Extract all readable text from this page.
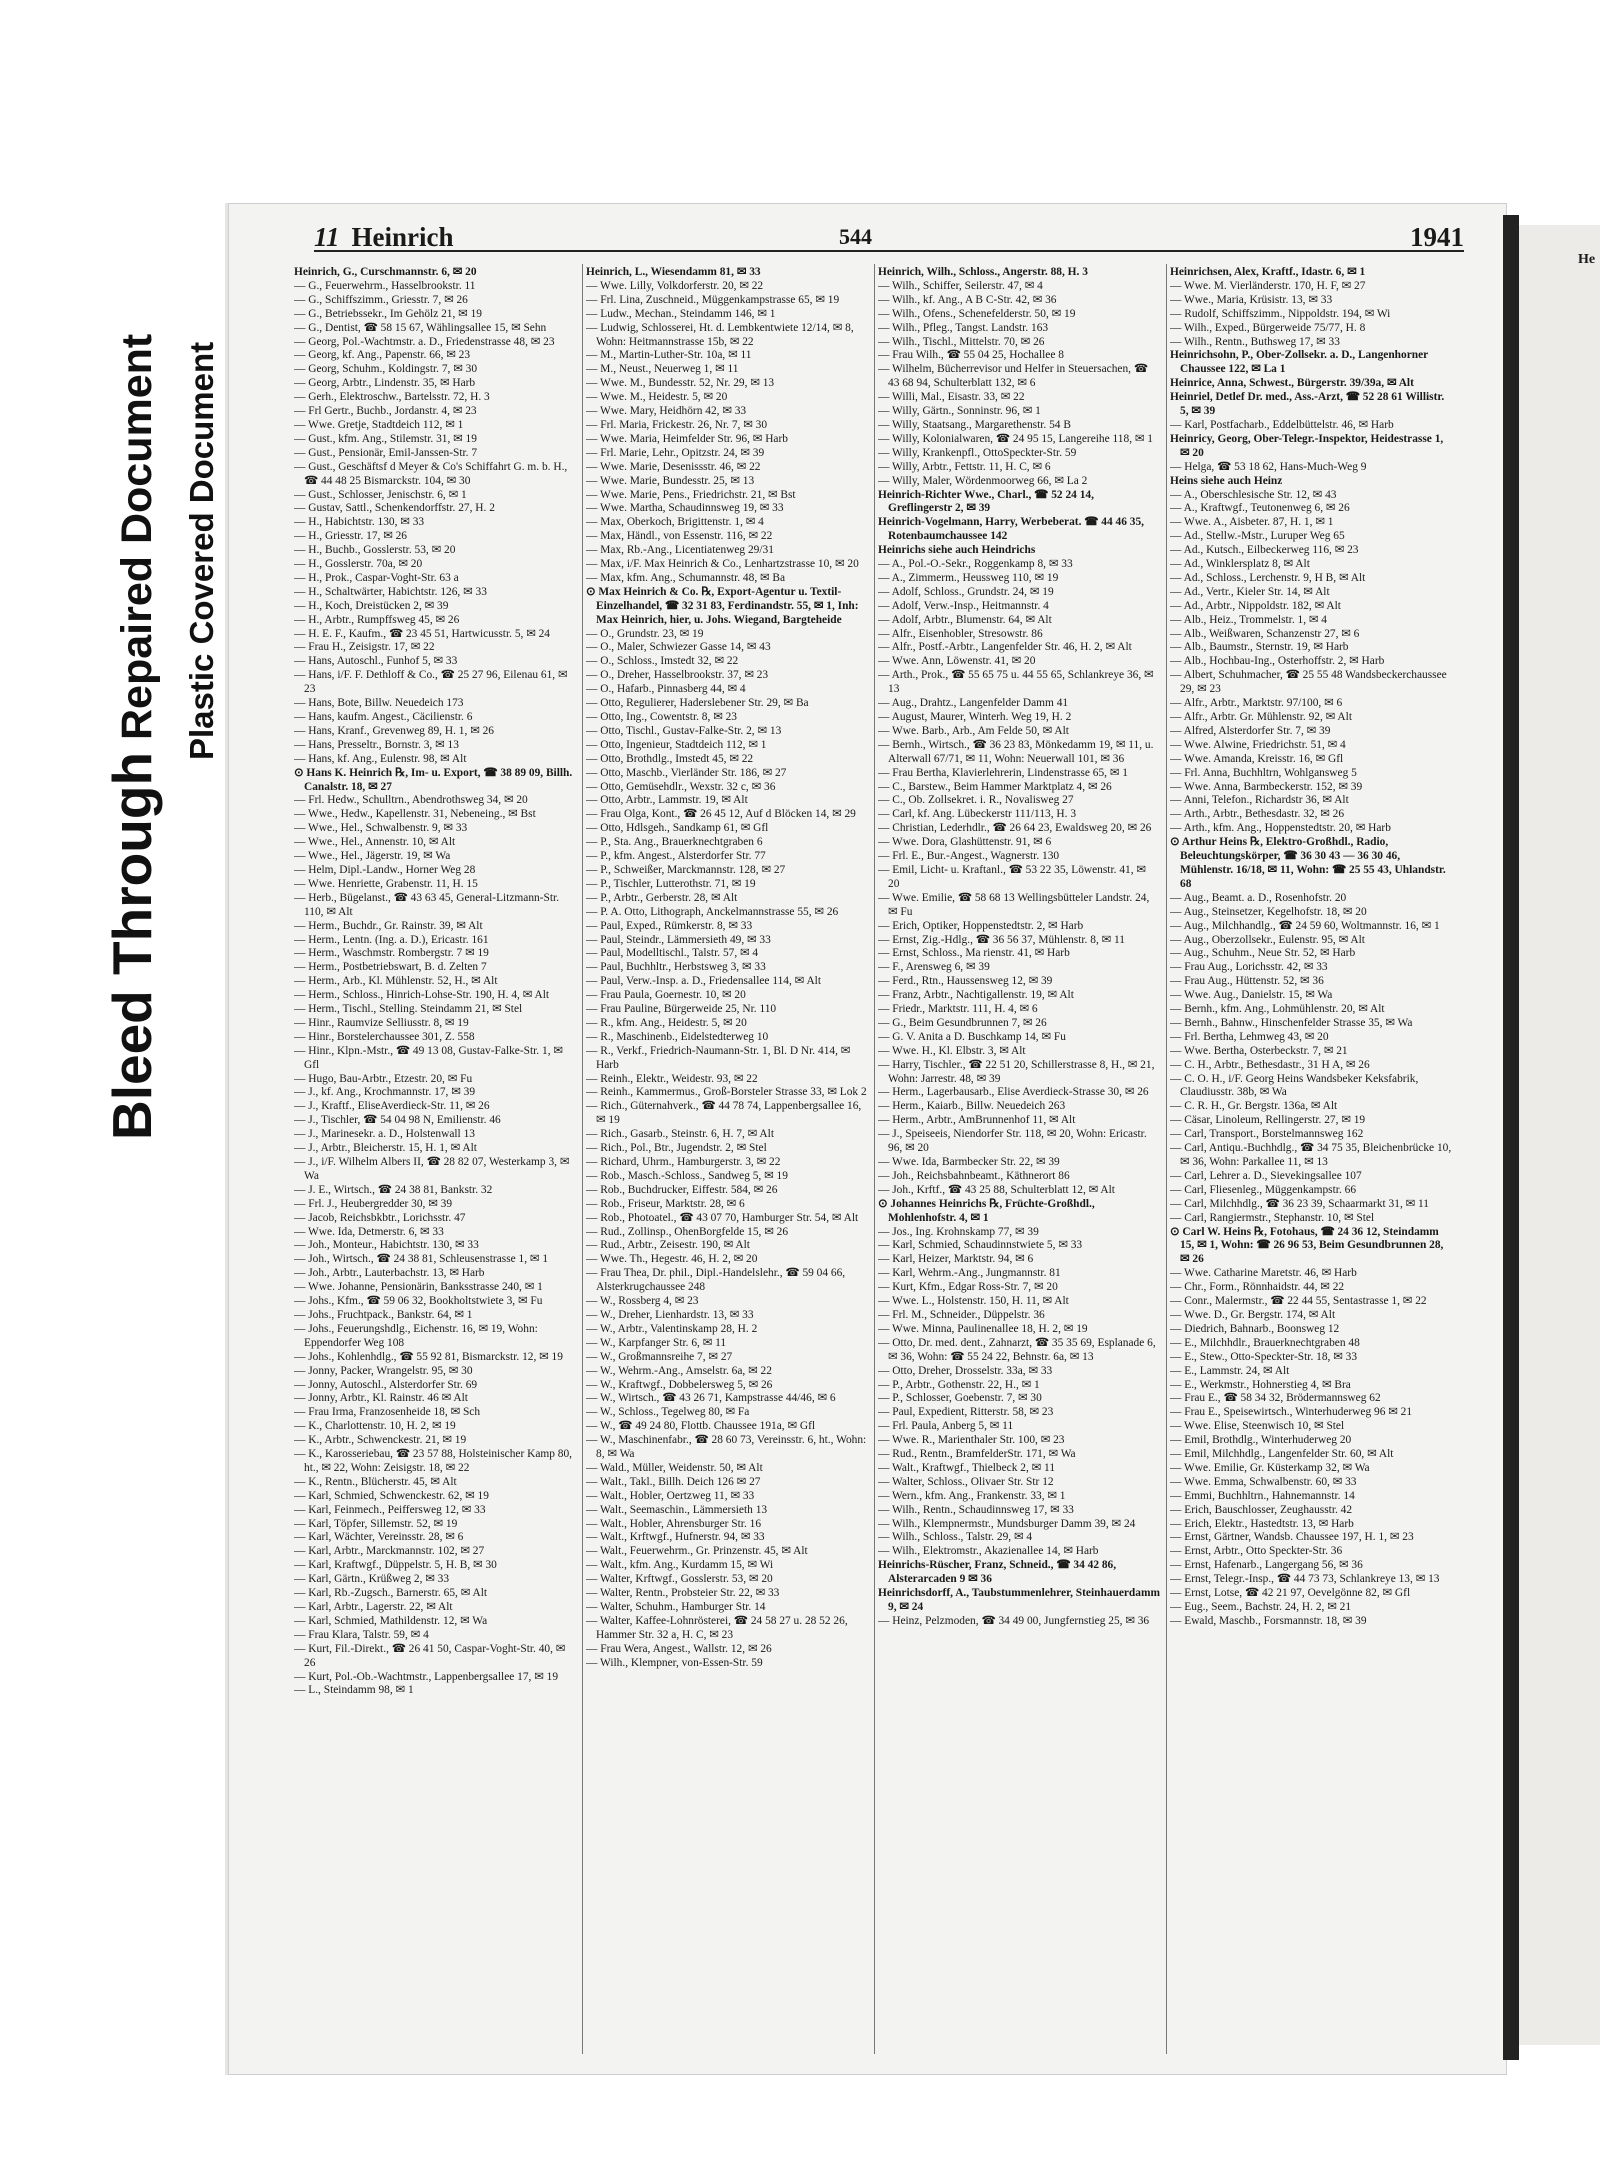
Bleed Through Repaired Document Plastic Covered Document
11 Heinrich	544	1941

Heinrich, G., Curschmannstr. 6, ✉ 20

— G., Feuerwehrm., Hasselbrookstr. 11

— G., Schiffszimm., Griesstr. 7, ✉ 26

— G., Betriebssekr., Im Gehölz 21, ✉ 19

— G., Dentist, ☎ 58 15 67, Wählingsallee 15, ✉ Sehn

— Georg, Pol.-Wachtmstr. a. D., Friedenstrasse 48, ✉ 23

— Georg, kf. Ang., Papenstr. 66, ✉ 23

— Georg, Schuhm., Koldingstr. 7, ✉ 30

— Georg, Arbtr., Lindenstr. 35, ✉ Harb

— Gerh., Elektroschw., Bartelsstr. 72, H. 3

— Frl Gertr., Buchb., Jordanstr. 4, ✉ 23

— Wwe. Gretje, Stadtdeich 112, ✉ 1

— Gust., kfm. Ang., Stilemstr. 31, ✉ 19

— Gust., Pensionär, Emil-Janssen-Str. 7

— Gust., Geschäftsf d Meyer & Co's Schiffahrt G. m. b. H., ☎ 44 48 25 Bismarckstr. 104, ✉ 30

— Gust., Schlosser, Jenischstr. 6, ✉ 1

— Gustav, Sattl., Schenkendorffstr. 27, H. 2

— H., Habichtstr. 130, ✉ 33

— H., Griesstr. 17, ✉ 26

— H., Buchb., Gosslerstr. 53, ✉ 20

— H., Gosslerstr. 70a, ✉ 20

— H., Prok., Caspar-Voght-Str. 63 a

— H., Schaltwärter, Habichtstr. 126, ✉ 33

— H., Koch, Dreistücken 2, ✉ 39

— H., Arbtr., Rumpffsweg 45, ✉ 26

— H. E. F., Kaufm., ☎ 23 45 51, Hartwicusstr. 5, ✉ 24

— Frau H., Zeisigstr. 17, ✉ 22

— Hans, Autoschl., Funhof 5, ✉ 33

— Hans, i/F. F. Dethloff & Co., ☎ 25 27 96, Eilenau 61, ✉ 23

— Hans, Bote, Billw. Neuedeich 173

— Hans, kaufm. Angest., Cäcilienstr. 6

— Hans, Kranf., Grevenweg 89, H. 1, ✉ 26

— Hans, Presseltr., Bornstr. 3, ✉ 13

— Hans, kf. Ang., Eulenstr. 98, ✉ Alt

⊙ Hans K. Heinrich ℞, Im- u. Export, ☎ 38 89 09, Billh. Canalstr. 18, ✉ 27

— Frl. Hedw., Schulltrn., Abendrothsweg 34, ✉ 20

— Wwe., Hedw., Kapellenstr. 31, Nebeneing., ✉ Bst

— Wwe., Hel., Schwalbenstr. 9, ✉ 33

— Wwe., Hel., Annenstr. 10, ✉ Alt

— Wwe., Hel., Jägerstr. 19, ✉ Wa

— Helm, Dipl.-Landw., Horner Weg 28

— Wwe. Henriette, Grabenstr. 11, H. 15

— Herb., Bügelanst., ☎ 43 63 45, General-Litzmann-Str. 110, ✉ Alt

— Herm., Buchdr., Gr. Rainstr. 39, ✉ Alt

— Herm., Lentn. (Ing. a. D.), Ericastr. 161

— Herm., Waschmstr. Rombergstr. 7 ✉ 19

— Herm., Postbetriebswart, B. d. Zelten 7

— Herm., Arb., Kl. Mühlenstr. 52, H., ✉ Alt

— Herm., Schloss., Hinrich-Lohse-Str. 190, H. 4, ✉ Alt

— Herm., Tischl., Stelling. Steindamm 21, ✉ Stel

— Hinr., Raumvize Selliusstr. 8, ✉ 19

— Hinr., Borstelerchaussee 301, Z. 558

— Hinr., Klpn.-Mstr., ☎ 49 13 08, Gustav-Falke-Str. 1, ✉ Gfl

— Hugo, Bau-Arbtr., Etzestr. 20, ✉ Fu

— J., kf. Ang., Krochmannstr. 17, ✉ 39

— J., Kraftf., EliseAverdieck-Str. 11, ✉ 26

— J., Tischler, ☎ 54 04 98 N, Emilienstr. 46

— J., Marinesekr. a. D., Holstenwall 13

— J., Arbtr., Bleicherstr. 15, H. 1, ✉ Alt

— J., i/F. Wilhelm Albers II, ☎ 28 82 07, Westerkamp 3, ✉ Wa

— J. E., Wirtsch., ☎ 24 38 81, Bankstr. 32

— Frl. J., Heubergredder 30, ✉ 39

— Jacob, Reichsbkbtr., Lorichsstr. 47

— Wwe. Ida, Detmerstr. 6, ✉ 33

— Joh., Monteur., Habichtstr. 130, ✉ 33

— Joh., Wirtsch., ☎ 24 38 81, Schleusenstrasse 1, ✉ 1

— Joh., Arbtr., Lauterbachstr. 13, ✉ Harb

— Wwe. Johanne, Pensionärin, Banksstrasse 240, ✉ 1

— Johs., Kfm., ☎ 59 06 32, Bookholtstwiete 3, ✉ Fu

— Johs., Fruchtpack., Bankstr. 64, ✉ 1

— Johs., Feuerungshdlg., Eichenstr. 16, ✉ 19, Wohn: Eppendorfer Weg 108

— Johs., Kohlenhdlg., ☎ 55 92 81, Bismarckstr. 12, ✉ 19

— Jonny, Packer, Wrangelstr. 95, ✉ 30

— Jonny, Autoschl., Alsterdorfer Str. 69

— Jonny, Arbtr., Kl. Rainstr. 46 ✉ Alt

— Frau Irma, Franzosenheide 18, ✉ Sch

— K., Charlottenstr. 10, H. 2, ✉ 19

— K., Arbtr., Schwenckestr. 21, ✉ 19

— K., Karosseriebau, ☎ 23 57 88, Holsteinischer Kamp 80, ht., ✉ 22, Wohn: Zeisigstr. 18, ✉ 22

— K., Rentn., Blücherstr. 45, ✉ Alt

— Karl, Schmied, Schwenckestr. 62, ✉ 19

— Karl, Feinmech., Peiffersweg 12, ✉ 33

— Karl, Töpfer, Sillemstr. 52, ✉ 19

— Karl, Wächter, Vereinsstr. 28, ✉ 6

— Karl, Arbtr., Marckmannstr. 102, ✉ 27

— Karl, Kraftwgf., Düppelstr. 5, H. B, ✉ 30

— Karl, Gärtn., Krüßweg 2, ✉ 33

— Karl, Rb.-Zugsch., Barnerstr. 65, ✉ Alt

— Karl, Arbtr., Lagerstr. 22, ✉ Alt

— Karl, Schmied, Mathildenstr. 12, ✉ Wa

— Frau Klara, Talstr. 59, ✉ 4

— Kurt, Fil.-Direkt., ☎ 26 41 50, Caspar-Voght-Str. 40, ✉ 26

— Kurt, Pol.-Ob.-Wachtmstr., Lappenbergsallee 17, ✉ 19

— L., Steindamm 98, ✉ 1

Heinrich, L., Wiesendamm 81, ✉ 33

— Wwe. Lilly, Volkdorferstr. 20, ✉ 22

— Frl. Lina, Zuschneid., Müggenkampstrasse 65, ✉ 19

— Ludw., Mechan., Steindamm 146, ✉ 1

— Ludwig, Schlosserei, Ht. d. Lembkentwiete 12/14, ✉ 8, Wohn: Heitmannstrasse 15b, ✉ 22

— M., Martin-Luther-Str. 10a, ✉ 11

— M., Neust., Neuerweg 1, ✉ 11

— Wwe. M., Bundesstr. 52, Nr. 29, ✉ 13

— Wwe. M., Heidestr. 5, ✉ 20

— Wwe. Mary, Heidhörn 42, ✉ 33

— Frl. Maria, Frickestr. 26, Nr. 7, ✉ 30

— Wwe. Maria, Heimfelder Str. 96, ✉ Harb

— Frl. Marie, Lehr., Opitzstr. 24, ✉ 39

— Wwe. Marie, Desenissstr. 46, ✉ 22

— Wwe. Marie, Bundesstr. 25, ✉ 13

— Wwe. Marie, Pens., Friedrichstr. 21, ✉ Bst

— Wwe. Martha, Schaudinnsweg 19, ✉ 33

— Max, Oberkoch, Brigittenstr. 1, ✉ 4

— Max, Händl., von Essenstr. 116, ✉ 22

— Max, Rb.-Ang., Licentiatenweg 29/31

— Max, i/F. Max Heinrich & Co., Lenhartzstrasse 10, ✉ 20

— Max, kfm. Ang., Schumannstr. 48, ✉ Ba

⊙ Max Heinrich & Co. ℞, Export-Agentur u. Textil-Einzelhandel, ☎ 32 31 83, Ferdinandstr. 55, ✉ 1, Inh: Max Heinrich, hier, u. Johs. Wiegand, Bargteheide

— O., Grundstr. 23, ✉ 19

— O., Maler, Schwiezer Gasse 14, ✉ 43

— O., Schloss., Imstedt 32, ✉ 22

— O., Dreher, Hasselbrookstr. 37, ✉ 23

— O., Hafarb., Pinnasberg 44, ✉ 4

— Otto, Regulierer, Haderslebener Str. 29, ✉ Ba

— Otto, Ing., Cowentstr. 8, ✉ 23

— Otto, Tischl., Gustav-Falke-Str. 2, ✉ 13

— Otto, Ingenieur, Stadtdeich 112, ✉ 1

— Otto, Brothdlg., Imstedt 45, ✉ 22

— Otto, Maschb., Vierländer Str. 186, ✉ 27

— Otto, Gemüsehdlr., Wexstr. 32 c, ✉ 36

— Otto, Arbtr., Lammstr. 19, ✉ Alt

— Frau Olga, Kont., ☎ 26 45 12, Auf d Blöcken 14, ✉ 29

— Otto, Hdlsgeh., Sandkamp 61, ✉ Gfl

— P., Sta. Ang., Brauerknechtgraben 6

— P., kfm. Angest., Alsterdorfer Str. 77

— P., Schweißer, Marckmannstr. 128, ✉ 27

— P., Tischler, Lutterothstr. 71, ✉ 19

— P., Arbtr., Gerberstr. 28, ✉ Alt

— P. A. Otto, Lithograph, Anckelmannstrasse 55, ✉ 26

— Paul, Exped., Rümkerstr. 8, ✉ 33

— Paul, Steindr., Lämmersieth 49, ✉ 33

— Paul, Modelltischl., Talstr. 57, ✉ 4

— Paul, Buchhltr., Herbstsweg 3, ✉ 33

— Paul, Verw.-Insp. a. D., Friedensallee 114, ✉ Alt

— Frau Paula, Goernestr. 10, ✉ 20

— Frau Pauline, Bürgerweide 25, Nr. 110

— R., kfm. Ang., Heidestr. 5, ✉ 20

— R., Maschinenb., Eidelstedterweg 10

— R., Verkf., Friedrich-Naumann-Str. 1, Bl. D Nr. 414, ✉ Harb

— Reinh., Elektr., Weidestr. 93, ✉ 22

— Reinh., Kammermus., Groß-Borsteler Strasse 33, ✉ Lok 2

— Rich., Güternahverk., ☎ 44 78 74, Lappenbergsallee 16, ✉ 19

— Rich., Gasarb., Steinstr. 6, H. 7, ✉ Alt

— Rich., Pol., Btr., Jugendstr. 2, ✉ Stel

— Richard, Uhrm., Hamburgerstr. 3, ✉ 22

— Rob., Masch.-Schloss., Sandweg 5, ✉ 19

— Rob., Buchdrucker, Eiffestr. 584, ✉ 26

— Rob., Friseur, Marktstr. 28, ✉ 6

— Rob., Photoatel., ☎ 43 07 70, Hamburger Str. 54, ✉ Alt

— Rud., Zollinsp., OhenBorgfelde 15, ✉ 26

— Rud., Arbtr., Zeisestr. 190, ✉ Alt

— Wwe. Th., Hegestr. 46, H. 2, ✉ 20

— Frau Thea, Dr. phil., Dipl.-Handelslehr., ☎ 59 04 66, Alsterkrugchaussee 248

— W., Rossberg 4, ✉ 23

— W., Dreher, Lienhardstr. 13, ✉ 33

— W., Arbtr., Valentinskamp 28, H. 2

— W., Karpfanger Str. 6, ✉ 11

— W., Großmannsreihe 7, ✉ 27

— W., Wehrm.-Ang., Amselstr. 6a, ✉ 22

— W., Kraftwgf., Dobbelersweg 5, ✉ 26

— W., Wirtsch., ☎ 43 26 71, Kampstrasse 44/46, ✉ 6

— W., Schloss., Tegelweg 80, ✉ Fa

— W., ☎ 49 24 80, Flottb. Chaussee 191a, ✉ Gfl

— W., Maschinenfabr., ☎ 28 60 73, Vereinsstr. 6, ht., Wohn: 8, ✉ Wa

— Wald., Müller, Weidenstr. 50, ✉ Alt

— Walt., Takl., Billh. Deich 126 ✉ 27

— Walt., Hobler, Oertzweg 11, ✉ 33

— Walt., Seemaschin., Lämmersieth 13

— Walt., Hobler, Ahrensburger Str. 16

— Walt., Krftwgf., Hufnerstr. 94, ✉ 33

— Walt., Feuerwehrm., Gr. Prinzenstr. 45, ✉ Alt

— Walt., kfm. Ang., Kurdamm 15, ✉ Wi

— Walter, Krftwgf., Gosslerstr. 53, ✉ 20

— Walter, Rentn., Probsteier Str. 22, ✉ 33

— Walter, Schuhm., Hamburger Str. 14

— Walter, Kaffee-Lohnrösterei, ☎ 24 58 27 u. 28 52 26, Hammer Str. 32 a, H. C, ✉ 23

— Frau Wera, Angest., Wallstr. 12, ✉ 26

— Wilh., Klempner, von-Essen-Str. 59

Heinrich, Wilh., Schloss., Angerstr. 88, H. 3

— Wilh., Schiffer, Seilerstr. 47, ✉ 4

— Wilh., kf. Ang., A B C-Str. 42, ✉ 36

— Wilh., Ofens., Schenefelderstr. 50, ✉ 19

— Wilh., Pfleg., Tangst. Landstr. 163

— Wilh., Tischl., Mittelstr. 70, ✉ 26

— Frau Wilh., ☎ 55 04 25, Hochallee 8

— Wilhelm, Bücherrevisor und Helfer in Steuersachen, ☎ 43 68 94, Schulterblatt 132, ✉ 6

— Willi, Mal., Eisastr. 33, ✉ 22

— Willy, Gärtn., Sonninstr. 96, ✉ 1

— Willy, Staatsang., Margarethenstr. 54 B

— Willy, Kolonialwaren, ☎ 24 95 15, Langereihe 118, ✉ 1

— Willy, Krankenpfl., OttoSpeckter-Str. 59

— Willy, Arbtr., Fettstr. 11, H. C, ✉ 6

— Willy, Maler, Wördenmoorweg 66, ✉ La 2

Heinrich-Richter Wwe., Charl., ☎ 52 24 14, Greflingerstr 2, ✉ 39

Heinrich-Vogelmann, Harry, Werbeberat. ☎ 44 46 35, Rotenbaumchaussee 142

Heinrichs siehe auch Heindrichs

— A., Pol.-O.-Sekr., Roggenkamp 8, ✉ 33

— A., Zimmerm., Heussweg 110, ✉ 19

— Adolf, Schloss., Grundstr. 24, ✉ 19

— Adolf, Verw.-Insp., Heitmannstr. 4

— Adolf, Arbtr., Blumenstr. 64, ✉ Alt

— Alfr., Eisenhobler, Stresowstr. 86

— Alfr., Postf.-Arbtr., Langenfelder Str. 46, H. 2, ✉ Alt

— Wwe. Ann, Löwenstr. 41, ✉ 20

— Arth., Prok., ☎ 55 65 75 u. 44 55 65, Schlankreye 36, ✉ 13

— Aug., Drahtz., Langenfelder Damm 41

— August, Maurer, Winterh. Weg 19, H. 2

— Wwe. Barb., Arb., Am Felde 50, ✉ Alt

— Bernh., Wirtsch., ☎ 36 23 83, Mönkedamm 19, ✉ 11, u. Alterwall 67/71, ✉ 11, Wohn: Neuerwall 101, ✉ 36

— Frau Bertha, Klavierlehrerin, Lindenstrasse 65, ✉ 1

— C., Barstew., Beim Hammer Marktplatz 4, ✉ 26

— C., Ob. Zollsekret. i. R., Novalisweg 27

— Carl, kf. Ang. Lübeckerstr 111/113, H. 3

— Christian, Lederhdlr., ☎ 26 64 23, Ewaldsweg 20, ✉ 26

— Wwe. Dora, Glashüttenstr. 91, ✉ 6

— Frl. E., Bur.-Angest., Wagnerstr. 130

— Emil, Licht- u. Kraftanl., ☎ 53 22 35, Löwenstr. 41, ✉ 20

— Wwe. Emilie, ☎ 58 68 13 Wellingsbütteler Landstr. 24, ✉ Fu

— Erich, Optiker, Hoppenstedtstr. 2, ✉ Harb

— Ernst, Zig.-Hdlg., ☎ 36 56 37, Mühlenstr. 8, ✉ 11

— Ernst, Schloss., Ma rienstr. 41, ✉ Harb

— F., Arensweg 6, ✉ 39

— Ferd., Rtn., Haussensweg 12, ✉ 39

— Franz, Arbtr., Nachtigallenstr. 19, ✉ Alt

— Friedr., Marktstr. 111, H. 4, ✉ 6

— G., Beim Gesundbrunnen 7, ✉ 26

— G. V. Anita a D. Buschkamp 14, ✉ Fu

— Wwe. H., Kl. Elbstr. 3, ✉ Alt

— Harry, Tischler., ☎ 22 51 20, Schillerstrasse 8, H., ✉ 21, Wohn: Jarrestr. 48, ✉ 39

— Herm., Lagerbausarb., Elise Averdieck-Strasse 30, ✉ 26

— Herm., Kaiarb., Billw. Neuedeich 263

— Herm., Arbtr., AmBrunnenhof 11, ✉ Alt

— J., Speiseeis, Niendorfer Str. 118, ✉ 20, Wohn: Ericastr. 96, ✉ 20

— Wwe. Ida, Barmbecker Str. 22, ✉ 39

— Joh., Reichsbahnbeamt., Käthnerort 86

— Joh., Krftf., ☎ 43 25 88, Schulterblatt 12, ✉ Alt

⊙ Johannes Heinrichs ℞, Früchte-Großhdl., Mohlenhofstr. 4, ✉ 1

— Jos., Ing. Krohnskamp 77, ✉ 39

— Karl, Schmied, Schaudinnstwiete 5, ✉ 33

— Karl, Heizer, Marktstr. 94, ✉ 6

— Karl, Wehrm.-Ang., Jungmannstr. 81

— Kurt, Kfm., Edgar Ross-Str. 7, ✉ 20

— Wwe. L., Holstenstr. 150, H. 11, ✉ Alt

— Frl. M., Schneider., Düppelstr. 36

— Wwe. Minna, Paulinenallee 18, H. 2, ✉ 19

— Otto, Dr. med. dent., Zahnarzt, ☎ 35 35 69, Esplanade 6, ✉ 36, Wohn: ☎ 55 24 22, Behnstr. 6a, ✉ 13

— Otto, Dreher, Drosselstr. 33a, ✉ 33

— P., Arbtr., Gothenstr. 22, H., ✉ 1

— P., Schlosser, Goebenstr. 7, ✉ 30

— Paul, Expedient, Ritterstr. 58, ✉ 23

— Frl. Paula, Anberg 5, ✉ 11

— Wwe. R., Marienthaler Str. 100, ✉ 23

— Rud., Rentn., BramfelderStr. 171, ✉ Wa

— Walt., Kraftwgf., Thielbeck 2, ✉ 11

— Walter, Schloss., Olivaer Str. Str 12

— Wern., kfm. Ang., Frankenstr. 33, ✉ 1

— Wilh., Rentn., Schaudinnsweg 17, ✉ 33

— Wilh., Klempnermstr., Mundsburger Damm 39, ✉ 24

— Wilh., Schloss., Talstr. 29, ✉ 4

— Wilh., Elektromstr., Akazienallee 14, ✉ Harb

Heinrichs-Rüscher, Franz, Schneid., ☎ 34 42 86, Alsterarcaden 9 ✉ 36

Heinrichsdorff, A., Taubstummenlehrer, Steinhauerdamm 9, ✉ 24

— Heinz, Pelzmoden, ☎ 34 49 00, Jungfernstieg 25, ✉ 36

Heinrichsen, Alex, Kraftf., Idastr. 6, ✉ 1

— Wwe. M. Vierländerstr. 170, H. F, ✉ 27

— Wwe., Maria, Krüsistr. 13, ✉ 33

— Rudolf, Schiffszimm., Nippoldstr. 194, ✉ Wi

— Wilh., Exped., Bürgerweide 75/77, H. 8

— Wilh., Rentn., Buthsweg 17, ✉ 33

Heinrichsohn, P., Ober-Zollsekr. a. D., Langenhorner Chaussee 122, ✉ La 1

Heinrice, Anna, Schwest., Bürgerstr. 39/39a, ✉ Alt

Heinriel, Detlef Dr. med., Ass.-Arzt, ☎ 52 28 61 Willistr. 5, ✉ 39

— Karl, Postfacharb., Eddelbüttelstr. 46, ✉ Harb

Heinricy, Georg, Ober-Telegr.-Inspektor, Heidestrasse 1, ✉ 20

— Helga, ☎ 53 18 62, Hans-Much-Weg 9

Heins siehe auch Heinz

— A., Oberschlesische Str. 12, ✉ 43

— A., Kraftwgf., Teutonenweg 6, ✉ 26

— Wwe. A., Aisbeter. 87, H. 1, ✉ 1

— Ad., Stellw.-Mstr., Luruper Weg 65

— Ad., Kutsch., Eilbeckerweg 116, ✉ 23

— Ad., Winklersplatz 8, ✉ Alt

— Ad., Schloss., Lerchenstr. 9, H B, ✉ Alt

— Ad., Vertr., Kieler Str. 14, ✉ Alt

— Ad., Arbtr., Nippoldstr. 182, ✉ Alt

— Alb., Heiz., Trommelstr. 1, ✉ 4

— Alb., Weißwaren, Schanzenstr 27, ✉ 6

— Alb., Baumstr., Sternstr. 19, ✉ Harb

— Alb., Hochbau-Ing., Osterhoffstr. 2, ✉ Harb

— Albert, Schuhmacher, ☎ 25 55 48 Wandsbeckerchaussee 29, ✉ 23

— Alfr., Arbtr., Marktstr. 97/100, ✉ 6

— Alfr., Arbtr. Gr. Mühlenstr. 92, ✉ Alt

— Alfred, Alsterdorfer Str. 7, ✉ 39

— Wwe. Alwine, Friedrichstr. 51, ✉ 4

— Wwe. Amanda, Kreisstr. 16, ✉ Gfl

— Frl. Anna, Buchhltrn, Wohlgansweg 5

— Wwe. Anna, Barmbeckerstr. 152, ✉ 39

— Anni, Telefon., Richardstr 36, ✉ Alt

— Arth., Arbtr., Bethesdastr. 32, ✉ 26

— Arth., kfm. Ang., Hoppenstedtstr. 20, ✉ Harb

⊙ Arthur Heins ℞, Elektro-Großhdl., Radio, Beleuchtungskörper, ☎ 36 30 43 — 36 30 46, Mühlenstr. 16/18, ✉ 11, Wohn: ☎ 25 55 43, Uhlandstr. 68

— Aug., Beamt. a. D., Rosenhofstr. 20

— Aug., Steinsetzer, Kegelhofstr. 18, ✉ 20

— Aug., Milchhandlg., ☎ 24 59 60, Woltmannstr. 16, ✉ 1

— Aug., Oberzollsekr., Eulenstr. 95, ✉ Alt

— Aug., Schuhm., Neue Str. 52, ✉ Harb

— Frau Aug., Lorichsstr. 42, ✉ 33

— Frau Aug., Hüttenstr. 52, ✉ 36

— Wwe. Aug., Danielstr. 15, ✉ Wa

— Bernh., kfm. Ang., Lohmühlenstr. 20, ✉ Alt

— Bernh., Bahnw., Hinschenfelder Strasse 35, ✉ Wa

— Frl. Bertha, Lehmweg 43, ✉ 20

— Wwe. Bertha, Osterbeckstr. 7, ✉ 21

— C. H., Arbtr., Bethesdastr., 31 H A, ✉ 26

— C. O. H., i/F. Georg Heins Wandsbeker Keksfabrik, Claudiusstr. 38b, ✉ Wa

— C. R. H., Gr. Bergstr. 136a, ✉ Alt

— Cäsar, Linoleum, Rellingerstr. 27, ✉ 19

— Carl, Transport., Borstelmannsweg 162

— Carl, Antiqu.-Buchhdlg., ☎ 34 75 35, Bleichenbrücke 10, ✉ 36, Wohn: Parkallee 11, ✉ 13

— Carl, Lehrer a. D., Sievekingsallee 107

— Carl, Fliesenleg., Müggenkampstr. 66

— Carl, Milchhdlg., ☎ 36 23 39, Schaarmarkt 31, ✉ 11

— Carl, Rangiermstr., Stephanstr. 10, ✉ Stel

⊙ Carl W. Heins ℞, Fotohaus, ☎ 24 36 12, Steindamm 15, ✉ 1, Wohn: ☎ 26 96 53, Beim Gesundbrunnen 28, ✉ 26

— Wwe. Catharine Maretstr. 46, ✉ Harb

— Chr., Form., Rönnhaidstr. 44, ✉ 22

— Conr., Malermstr., ☎ 22 44 55, Sentastrasse 1, ✉ 22

— Wwe. D., Gr. Bergstr. 174, ✉ Alt

— Diedrich, Bahnarb., Boonsweg 12

— E., Milchhdlr., Brauerknechtgraben 48

— E., Stew., Otto-Speckter-Str. 18, ✉ 33

— E., Lammstr. 24, ✉ Alt

— E., Werkmstr., Hohnerstieg 4, ✉ Bra

— Frau E., ☎ 58 34 32, Brödermannsweg 62

— Frau E., Speisewirtsch., Winterhuderweg 96 ✉ 21

— Wwe. Elise, Steenwisch 10, ✉ Stel

— Emil, Brothdlg., Winterhuderweg 20

— Emil, Milchhdlg., Langenfelder Str. 60, ✉ Alt

— Wwe. Emilie, Gr. Küsterkamp 32, ✉ Wa

— Wwe. Emma, Schwalbenstr. 60, ✉ 33

— Emmi, Buchhltrn., Hahnemannstr. 14

— Erich, Bauschlosser, Zeughausstr. 42

— Erich, Elektr., Hastedtstr. 13, ✉ Harb

— Ernst, Gärtner, Wandsb. Chaussee 197, H. 1, ✉ 23

— Ernst, Arbtr., Otto Speckter-Str. 36

— Ernst, Hafenarb., Langergang 56, ✉ 36

— Ernst, Telegr.-Insp., ☎ 44 73 73, Schlankreye 13, ✉ 13

— Ernst, Lotse, ☎ 42 21 97, Oevelgönne 82, ✉ Gfl

— Eug., Seem., Bachstr. 24, H. 2, ✉ 21

— Ewald, Maschb., Forsmannstr. 18, ✉ 39

He
